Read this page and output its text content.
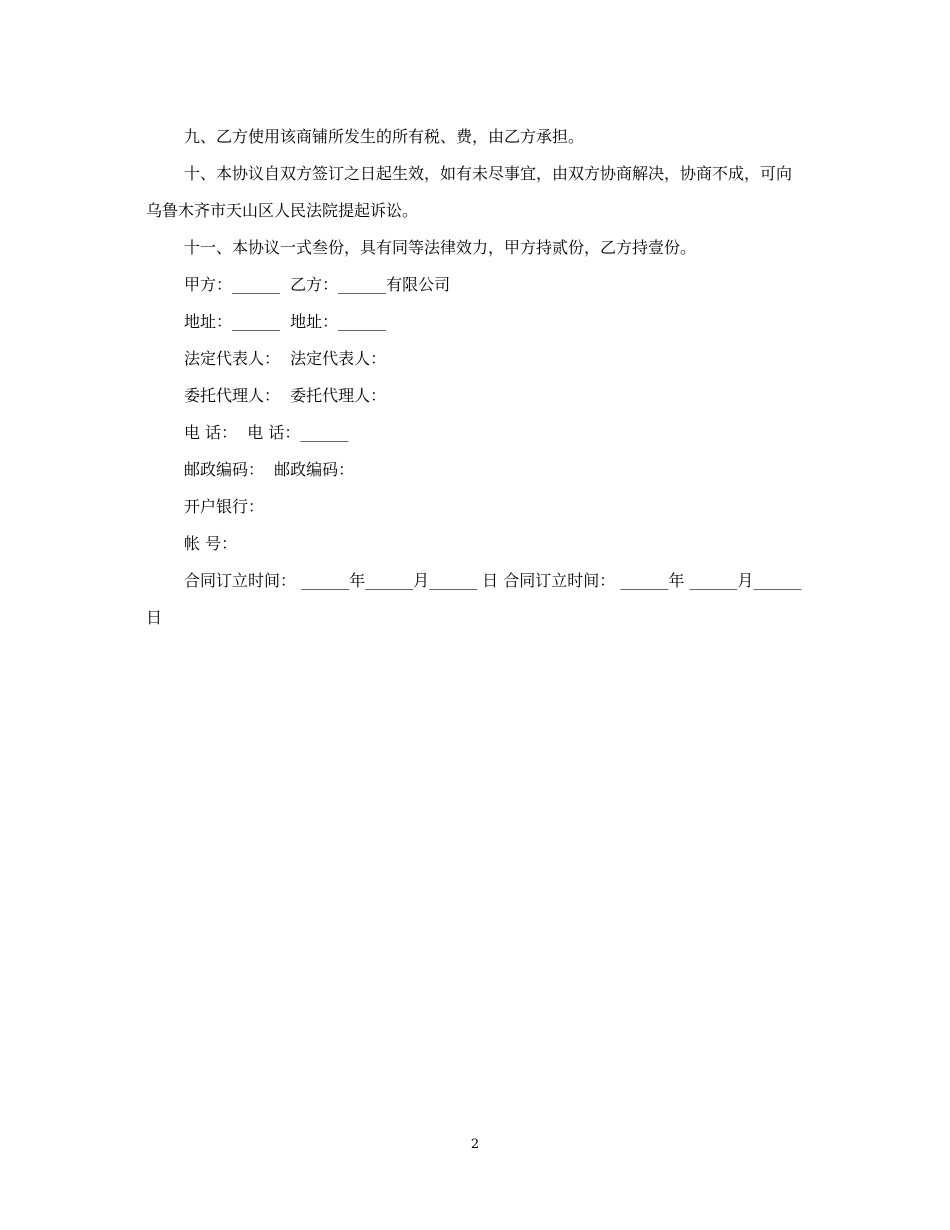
九、乙方使用该商铺所发生的所有税、费，由乙方承担。

十、本协议自双方签订之日起生效，如有未尽事宜，由双方协商解决，协商不成，可向乌鲁木齐市天山区人民法院提起诉讼。

十一、本协议一式叁份，具有同等法律效力，甲方持贰份，乙方持壹份。

甲方：______  乙方：______有限公司

地址：______  地址：______

法定代表人：  法定代表人：

委托代理人：  委托代理人：

电 话：  电 话：______

邮政编码：  邮政编码：

开户银行：

帐 号：

合同订立时间： ______年______月______ 日 合同订立时间： ______年 ______月______ 日

2
